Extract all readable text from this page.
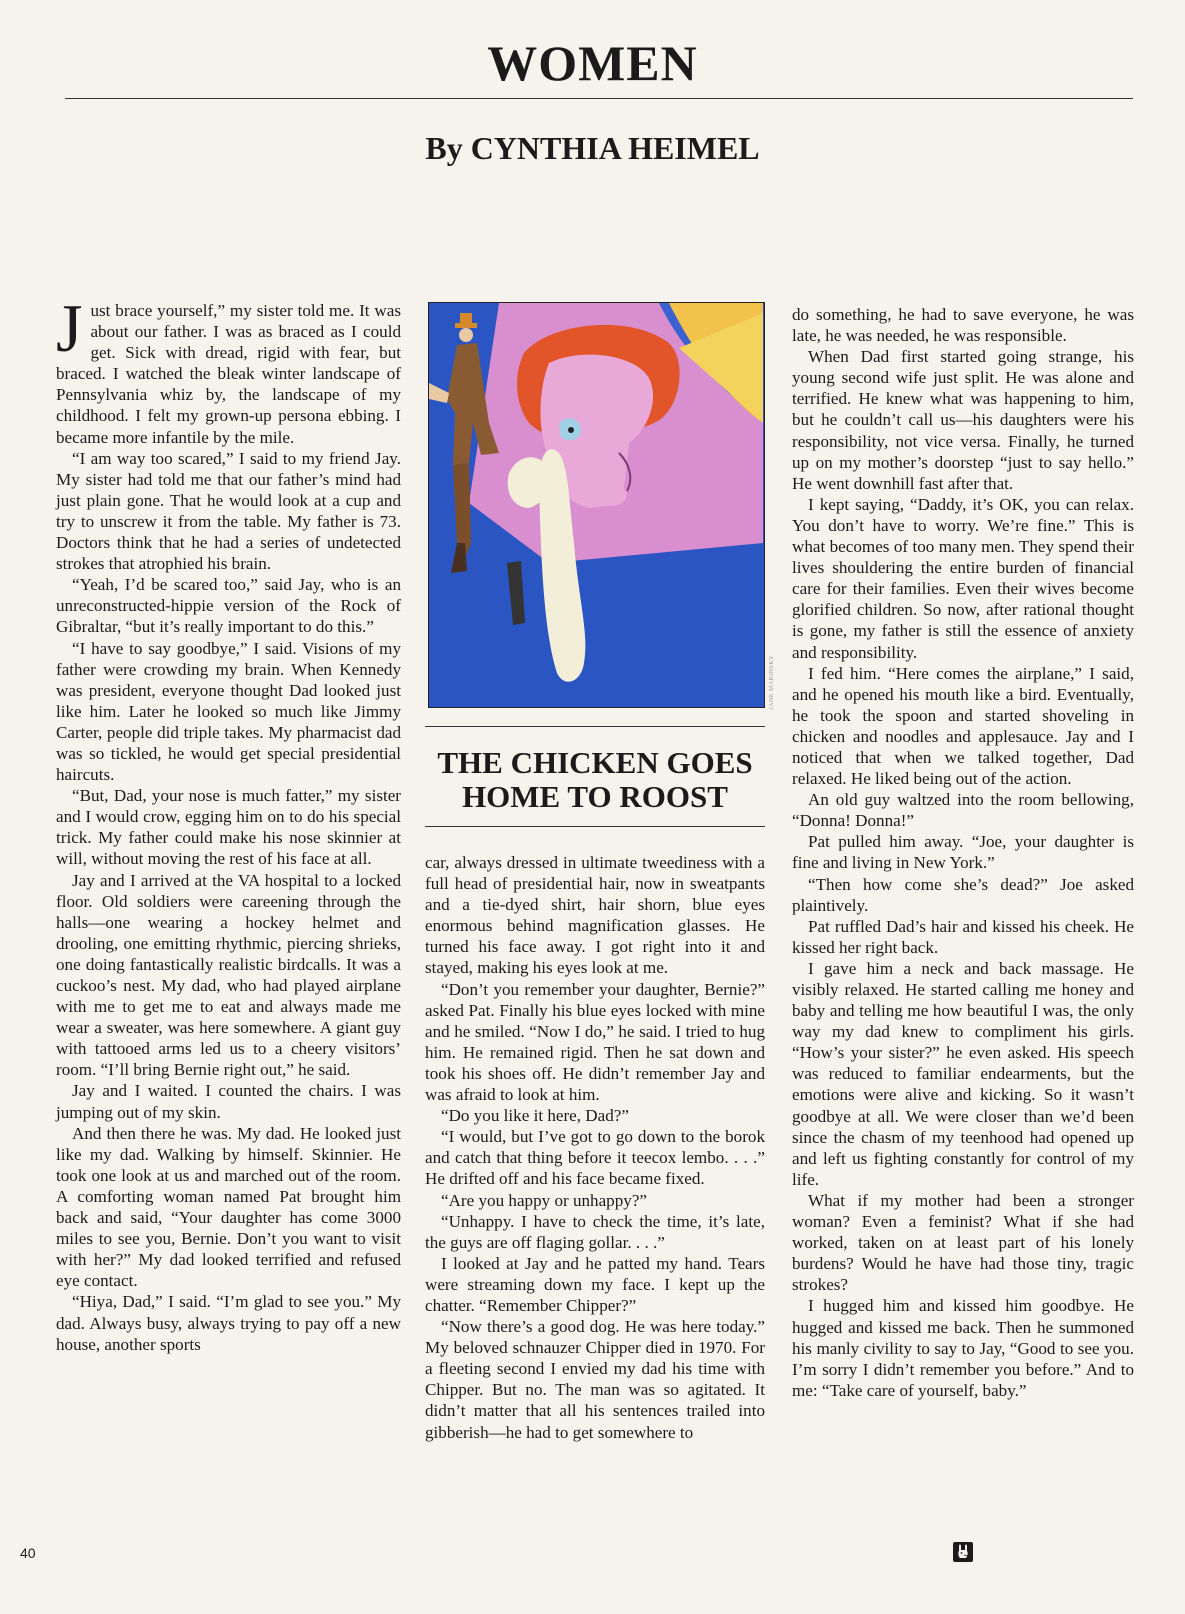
WOMEN
By CYNTHIA HEIMEL

Just brace yourself,” my sister told me. It was about our father. I was as braced as I could get. Sick with dread, rigid with fear, but braced. I watched the bleak winter landscape of Pennsylvania whiz by, the landscape of my childhood. I felt my grown-up persona ebbing. I became more infantile by the mile.

“I am way too scared,” I said to my friend Jay. My sister had told me that our father’s mind had just plain gone. That he would look at a cup and try to unscrew it from the table. My father is 73. Doctors think that he had a series of undetected strokes that atrophied his brain.

“Yeah, I’d be scared too,” said Jay, who is an unreconstructed-hippie version of the Rock of Gibraltar, “but it’s really important to do this.”

“I have to say goodbye,” I said. Visions of my father were crowding my brain. When Kennedy was president, everyone thought Dad looked just like him. Later he looked so much like Jimmy Carter, people did triple takes. My pharmacist dad was so tickled, he would get special presidential haircuts.

“But, Dad, your nose is much fatter,” my sister and I would crow, egging him on to do his special trick. My father could make his nose skinnier at will, without moving the rest of his face at all.

Jay and I arrived at the VA hospital to a locked floor. Old soldiers were careening through the halls—one wearing a hockey helmet and drooling, one emitting rhythmic, piercing shrieks, one doing fantastically realistic birdcalls. It was a cuckoo’s nest. My dad, who had played airplane with me to get me to eat and always made me wear a sweater, was here somewhere. A giant guy with tattooed arms led us to a cheery visitors’ room. “I’ll bring Bernie right out,” he said.

Jay and I waited. I counted the chairs. I was jumping out of my skin.

And then there he was. My dad. He looked just like my dad. Walking by himself. Skinnier. He took one look at us and marched out of the room. A comforting woman named Pat brought him back and said, “Your daughter has come 3000 miles to see you, Bernie. Don’t you want to visit with her?” My dad looked terrified and refused eye contact.

“Hiya, Dad,” I said. “I’m glad to see you.” My dad. Always busy, always trying to pay off a new house, another sports

JANE MARINSKY
THE CHICKEN GOES
HOME TO ROOST

car, always dressed in ultimate tweediness with a full head of presidential hair, now in sweatpants and a tie-dyed shirt, hair shorn, blue eyes enormous behind magnification glasses. He turned his face away. I got right into it and stayed, making his eyes look at me.

“Don’t you remember your daughter, Bernie?” asked Pat. Finally his blue eyes locked with mine and he smiled. “Now I do,” he said. I tried to hug him. He remained rigid. Then he sat down and took his shoes off. He didn’t remember Jay and was afraid to look at him.

“Do you like it here, Dad?”

“I would, but I’ve got to go down to the borok and catch that thing before it teecox lembo. . . .” He drifted off and his face became fixed.

“Are you happy or unhappy?”

“Unhappy. I have to check the time, it’s late, the guys are off flaging gollar. . . .”

I looked at Jay and he patted my hand. Tears were streaming down my face. I kept up the chatter. “Remember Chipper?”

“Now there’s a good dog. He was here today.” My beloved schnauzer Chipper died in 1970. For a fleeting second I envied my dad his time with Chipper. But no. The man was so agitated. It didn’t matter that all his sentences trailed into gibberish—he had to get somewhere to

do something, he had to save everyone, he was late, he was needed, he was responsible.

When Dad first started going strange, his young second wife just split. He was alone and terrified. He knew what was happening to him, but he couldn’t call us—his daughters were his responsibility, not vice versa. Finally, he turned up on my mother’s doorstep “just to say hello.” He went downhill fast after that.

I kept saying, “Daddy, it’s OK, you can relax. You don’t have to worry. We’re fine.” This is what becomes of too many men. They spend their lives shouldering the entire burden of financial care for their families. Even their wives become glorified children. So now, after rational thought is gone, my father is still the essence of anxiety and responsibility.

I fed him. “Here comes the airplane,” I said, and he opened his mouth like a bird. Eventually, he took the spoon and started shoveling in chicken and noodles and applesauce. Jay and I noticed that when we talked together, Dad relaxed. He liked being out of the action.

An old guy waltzed into the room bellowing, “Donna! Donna!”

Pat pulled him away. “Joe, your daughter is fine and living in New York.”

“Then how come she’s dead?” Joe asked plaintively.

Pat ruffled Dad’s hair and kissed his cheek. He kissed her right back.

I gave him a neck and back massage. He visibly relaxed. He started calling me honey and baby and telling me how beautiful I was, the only way my dad knew to compliment his girls. “How’s your sister?” he even asked. His speech was reduced to familiar endearments, but the emotions were alive and kicking. So it wasn’t goodbye at all. We were closer than we’d been since the chasm of my teenhood had opened up and left us fighting constantly for control of my life.

What if my mother had been a stronger woman? Even a feminist? What if she had worked, taken on at least part of his lonely burdens? Would he have had those tiny, tragic strokes?

I hugged him and kissed him goodbye. He hugged and kissed me back. Then he summoned his manly civility to say to Jay, “Good to see you. I’m sorry I didn’t remember you before.” And to me: “Take care of yourself, baby.”

40
